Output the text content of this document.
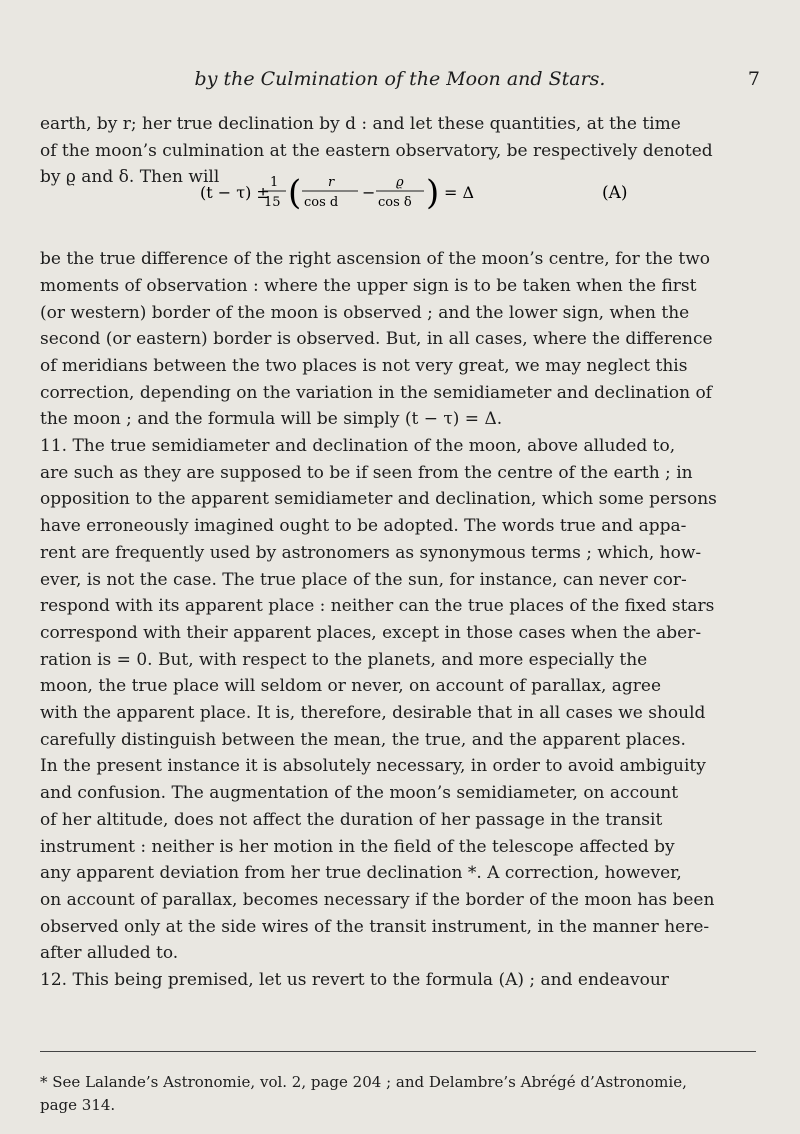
by the Culmination of the Moon and Stars.	7
earth, by r; her true declination by d : and let these quantities, at the time
of the moon’s culmination at the eastern observatory, be respectively denoted
by ϱ and δ. Then will
be the true difference of the right ascension of the moon’s centre, for the two
moments of observation : where the upper sign is to be taken when the first
(or western) border of the moon is observed ; and the lower sign, when the
second (or eastern) border is observed. But, in all cases, where the difference
of meridians between the two places is not very great, we may neglect this
correction, depending on the variation in the semidiameter and declination of
the moon ; and the formula will be simply (t − τ) = Δ.
11. The true semidiameter and declination of the moon, above alluded to,
are such as they are supposed to be if seen from the centre of the earth ; in
opposition to the apparent semidiameter and declination, which some persons
have erroneously imagined ought to be adopted. The words true and appa-
rent are frequently used by astronomers as synonymous terms ; which, how-
ever, is not the case. The true place of the sun, for instance, can never cor-
respond with its apparent place : neither can the true places of the fixed stars
correspond with their apparent places, except in those cases when the aber-
ration is = 0. But, with respect to the planets, and more especially the
moon, the true place will seldom or never, on account of parallax, agree
with the apparent place. It is, therefore, desirable that in all cases we should
carefully distinguish between the mean, the true, and the apparent places.
In the present instance it is absolutely necessary, in order to avoid ambiguity
and confusion. The augmentation of the moon’s semidiameter, on account
of her altitude, does not affect the duration of her passage in the transit
instrument : neither is her motion in the field of the telescope affected by
any apparent deviation from her true declination *. A correction, however,
on account of parallax, becomes necessary if the border of the moon has been
observed only at the side wires of the transit instrument, in the manner here-
after alluded to.
12. This being premised, let us revert to the formula (A) ; and endeavour
(t − τ) ±
1
15 ( r
cos d
−
ϱ
cos δ ) = Δ	(A)
* See Lalande’s Astronomie, vol. 2, page 204 ; and Delambre’s Abrégé d’Astronomie,
page 314.
